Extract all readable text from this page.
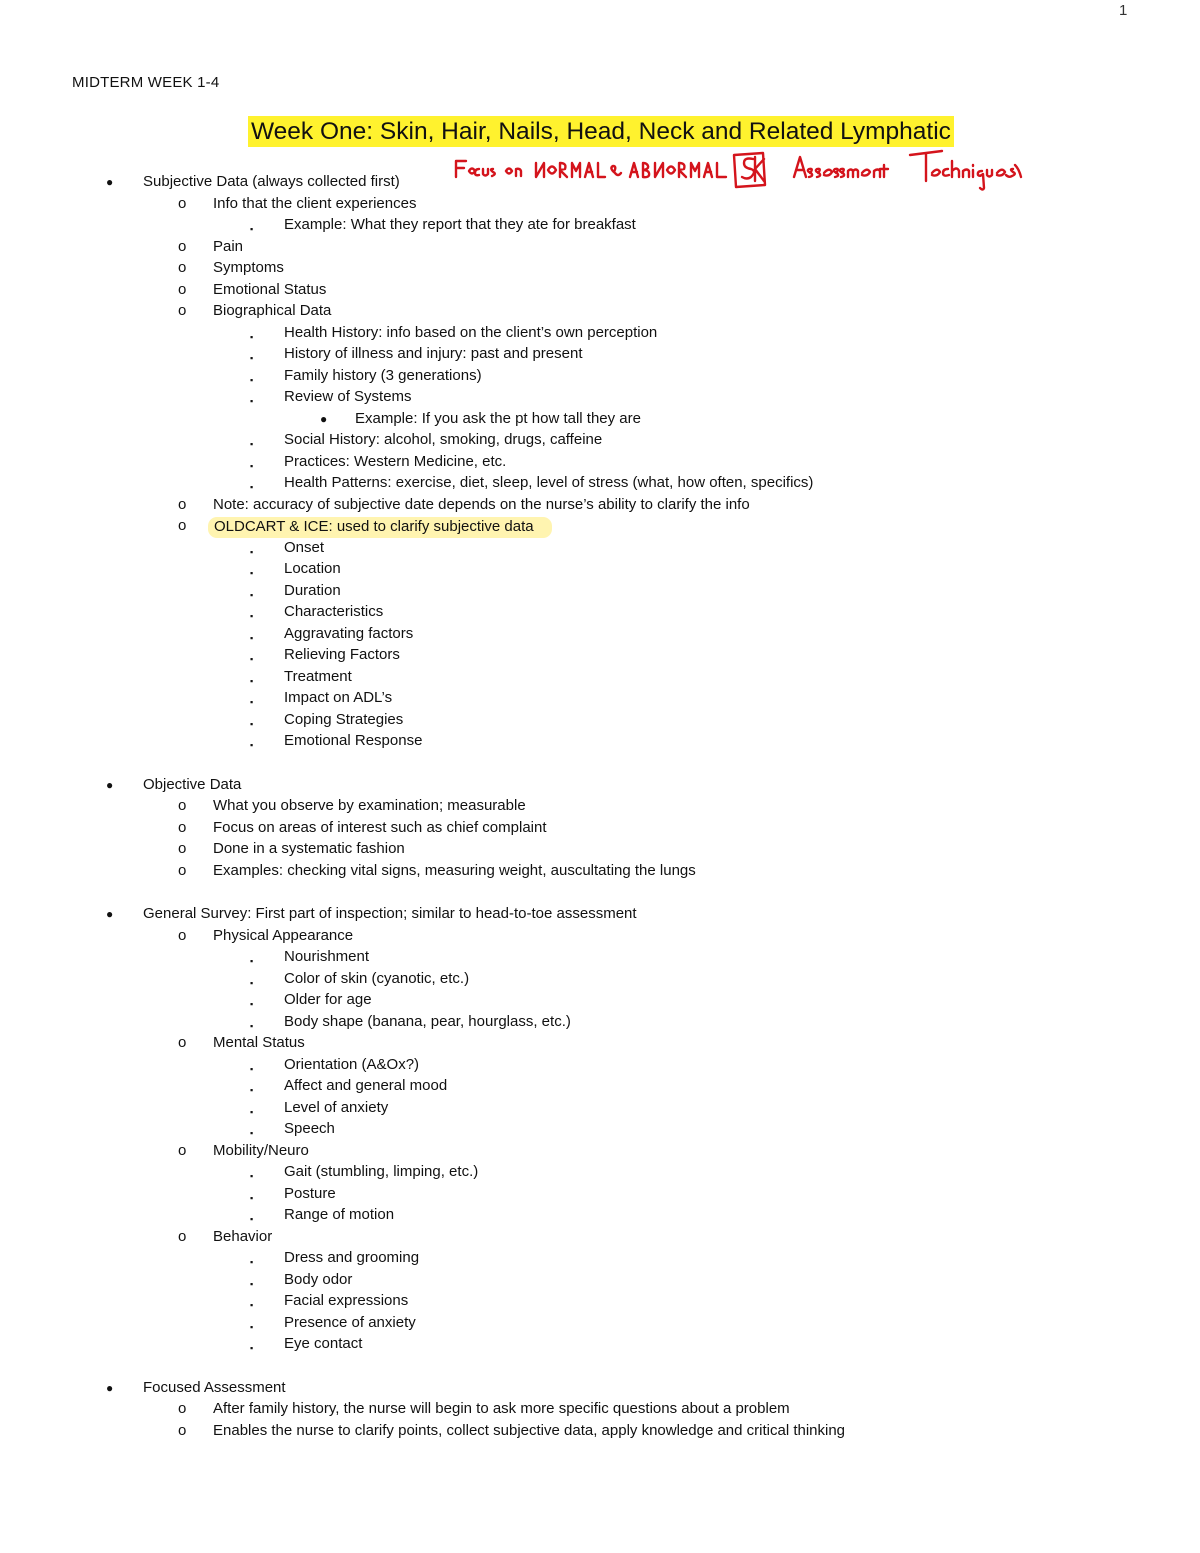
1
MIDTERM WEEK 1-4
Week One: Skin, Hair, Nails, Head, Neck and Related Lymphatic
Focus on NORMAL & ABNORMAL [SK] Assessment Techniques
● Subjective Data (always collected first)
o Info that the client experiences
▪ Example: What they report that they ate for breakfast
o Pain
o Symptoms
o Emotional Status
o Biographical Data
▪ Health History: info based on the client’s own perception
▪ History of illness and injury: past and present
▪ Family history (3 generations)
▪ Review of Systems
● Example: If you ask the pt how tall they are
▪ Social History: alcohol, smoking, drugs, caffeine
▪ Practices: Western Medicine, etc.
▪ Health Patterns: exercise, diet, sleep, level of stress (what, how often, specifics)
o Note: accuracy of subjective date depends on the nurse’s ability to clarify the info
o	OLDCART & ICE: used to clarify subjective data
▪ Onset
▪ Location
▪ Duration
▪ Characteristics
▪ Aggravating factors
▪ Relieving Factors
▪ Treatment
▪ Impact on ADL’s
▪ Coping Strategies
▪ Emotional Response
● Objective Data
o What you observe by examination; measurable
o Focus on areas of interest such as chief complaint
o Done in a systematic fashion
o Examples: checking vital signs, measuring weight, auscultating the lungs
● General Survey: First part of inspection; similar to head-to-toe assessment
o Physical Appearance
▪ Nourishment
▪ Color of skin (cyanotic, etc.)
▪ Older for age
▪ Body shape (banana, pear, hourglass, etc.)
o Mental Status
▪ Orientation (A&Ox?)
▪ Affect and general mood
▪ Level of anxiety
▪ Speech
o Mobility/Neuro
▪ Gait (stumbling, limping, etc.)
▪ Posture
▪ Range of motion
o Behavior
▪ Dress and grooming
▪ Body odor
▪ Facial expressions
▪ Presence of anxiety
▪ Eye contact
● Focused Assessment
o After family history, the nurse will begin to ask more specific questions about a problem
o Enables the nurse to clarify points, collect subjective data, apply knowledge and critical thinking
